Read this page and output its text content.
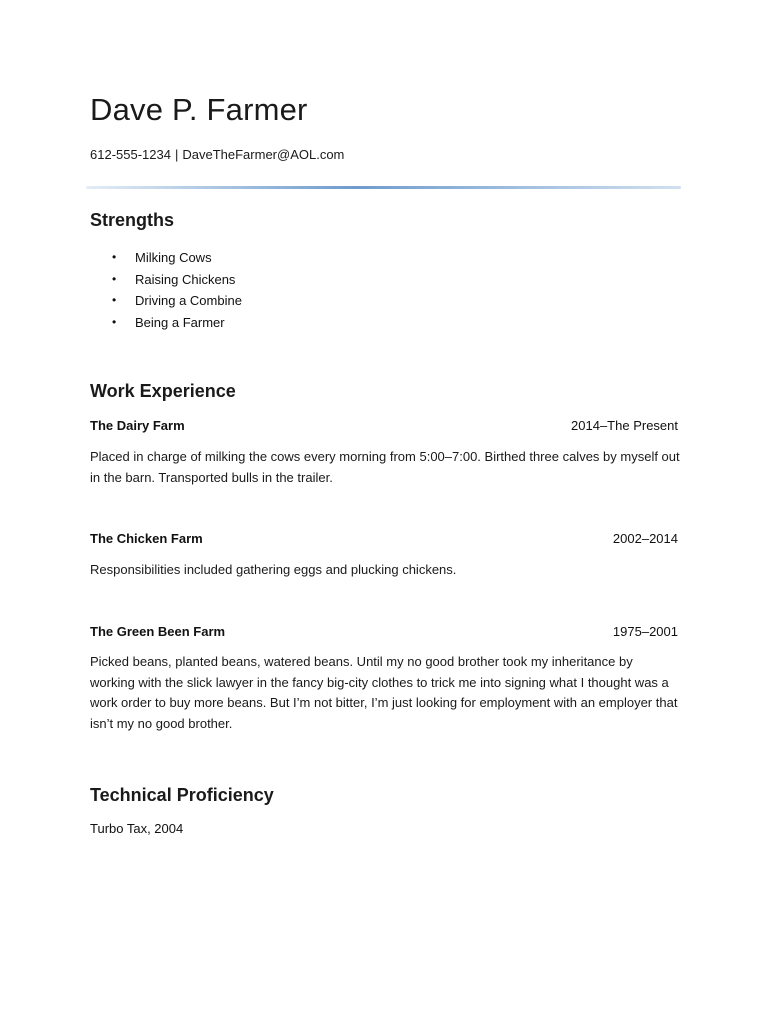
Dave P. Farmer
612-555-1234 | DaveTheFarmer@AOL.com
Strengths
• Milking Cows
• Raising Chickens
• Driving a Combine
• Being a Farmer
Work Experience
The Dairy Farm	2014–The Present
Placed in charge of milking the cows every morning from 5:00–7:00. Birthed three calves by myself out in the barn. Transported bulls in the trailer.
The Chicken Farm	2002–2014
Responsibilities included gathering eggs and plucking chickens.
The Green Been Farm	1975–2001
Picked beans, planted beans, watered beans. Until my no good brother took my inheritance by working with the slick lawyer in the fancy big-city clothes to trick me into signing what I thought was a work order to buy more beans. But I’m not bitter, I’m just looking for employment with an employer that isn’t my no good brother.
Technical Proficiency
Turbo Tax, 2004
